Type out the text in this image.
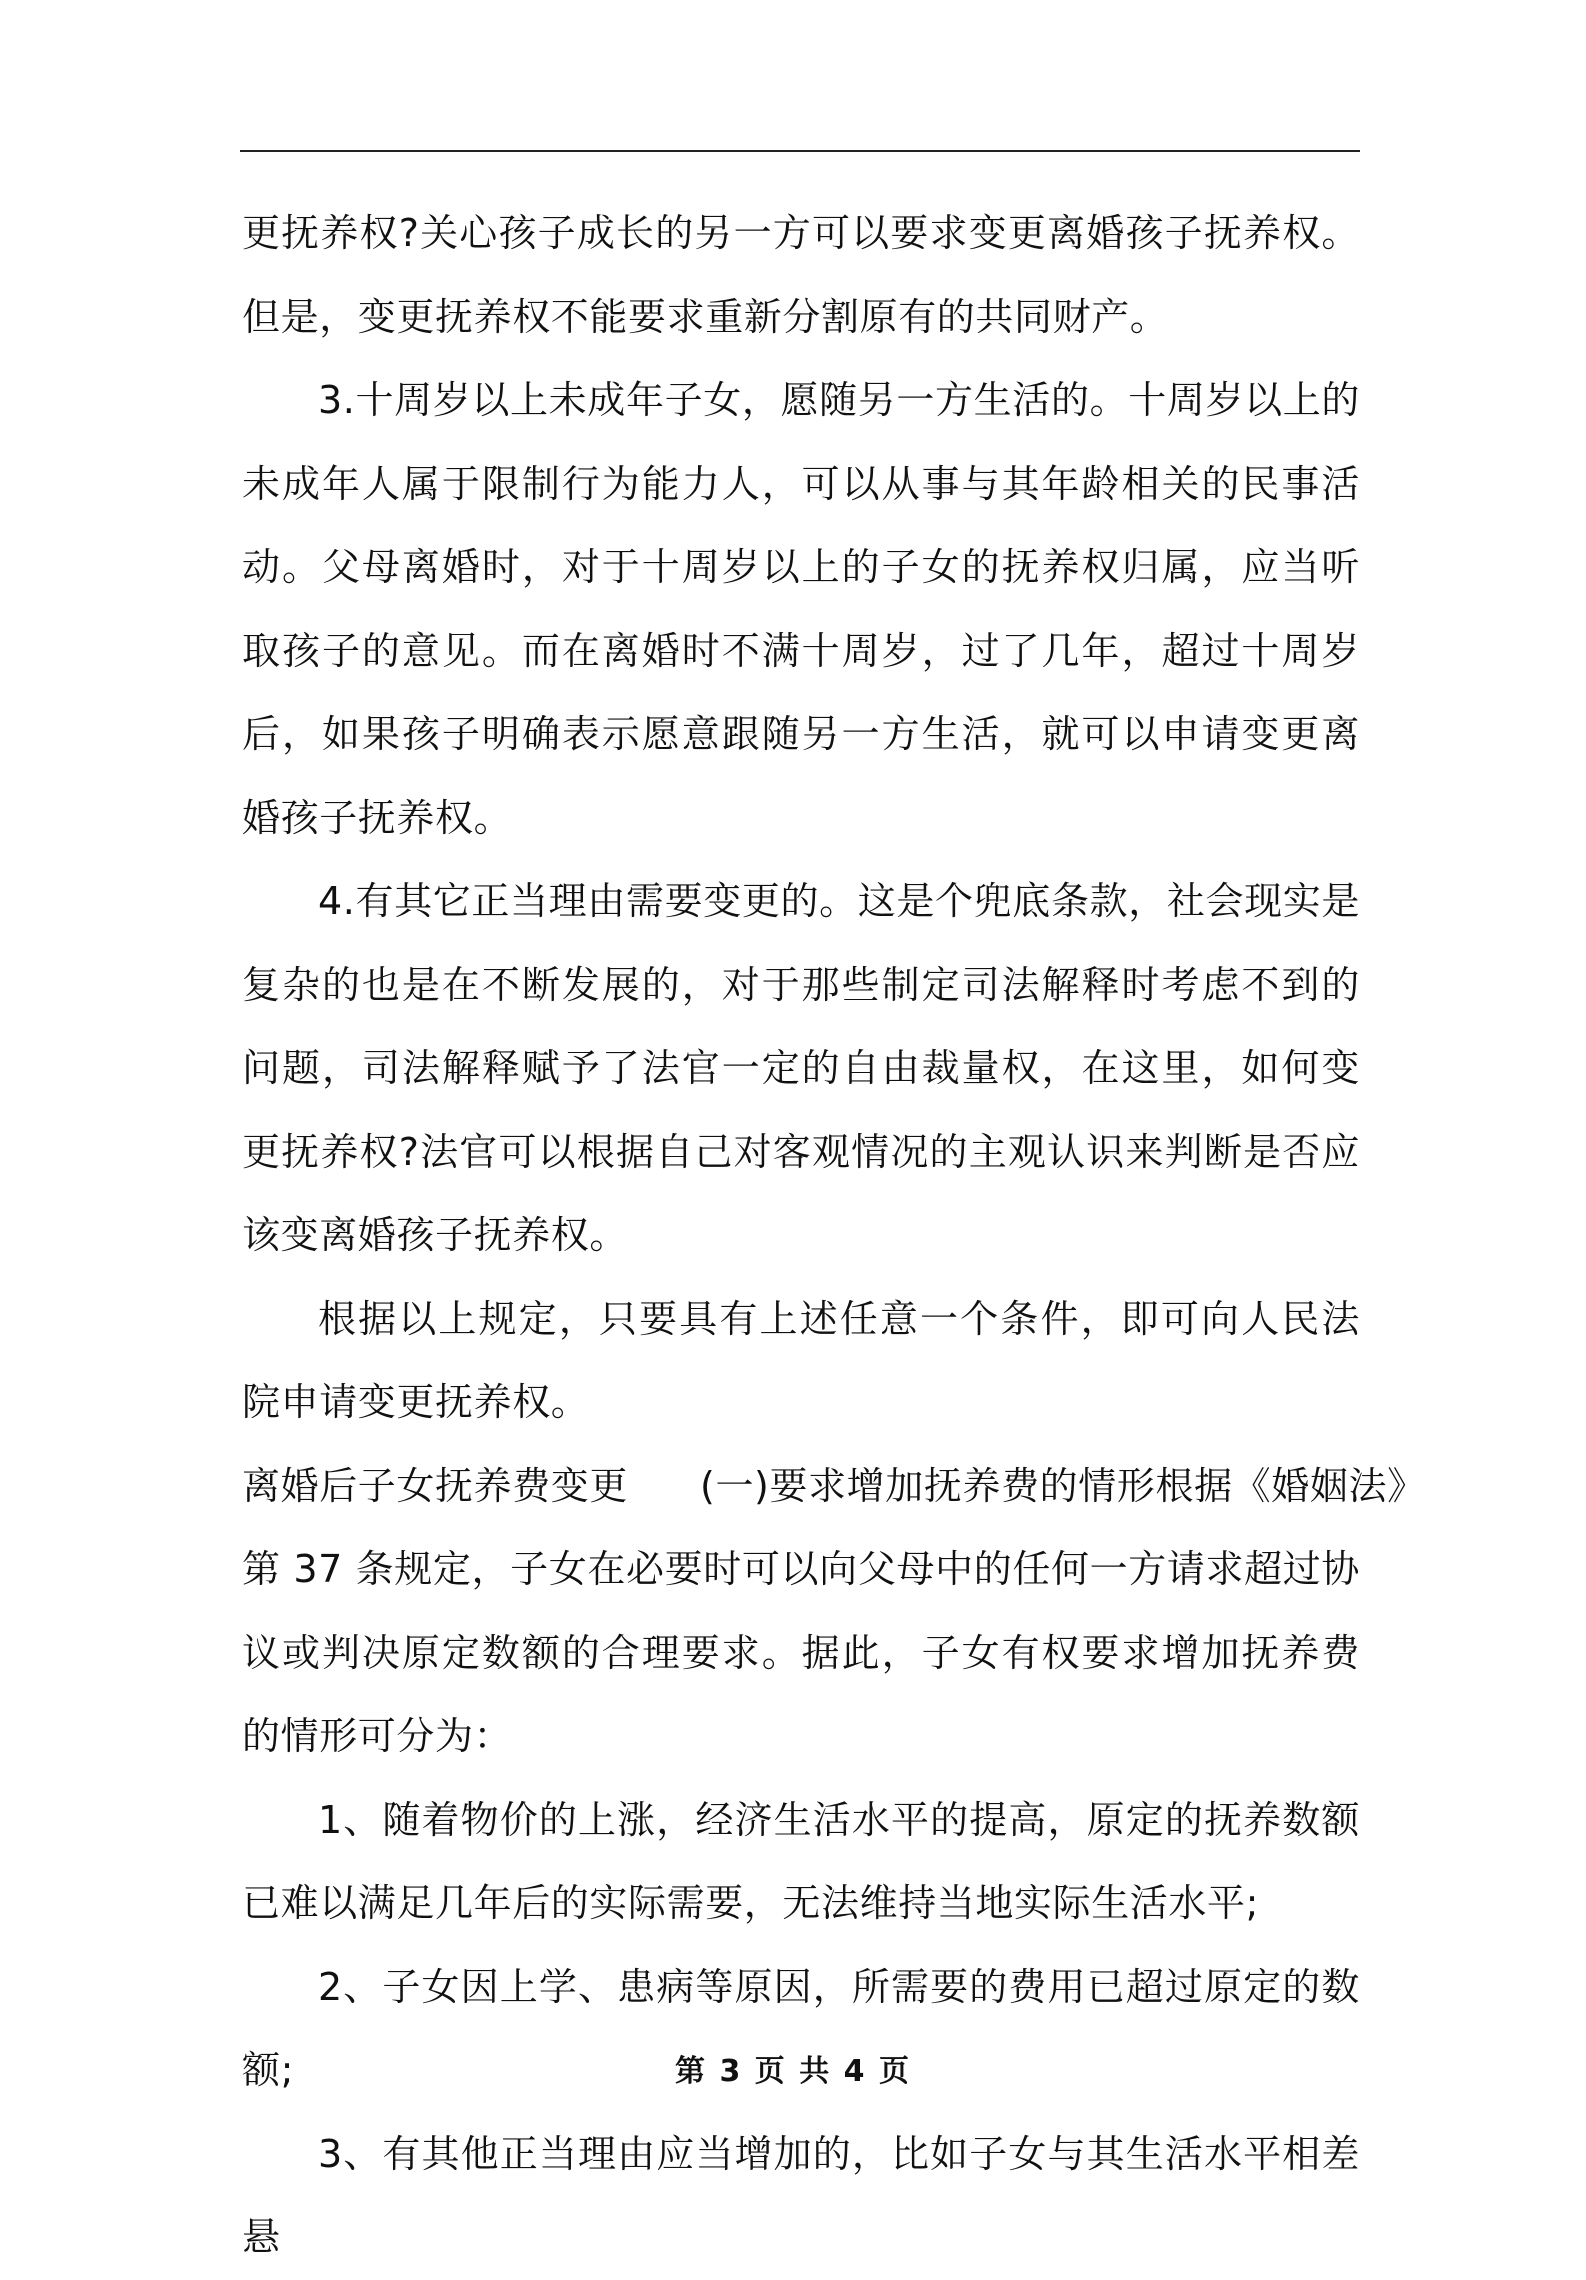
更抚养权?关心孩子成长的另一方可以要求变更离婚孩子抚养权。但是，变更抚养权不能要求重新分割原有的共同财产。

3.十周岁以上未成年子女，愿随另一方生活的。十周岁以上的未成年人属于限制行为能力人，可以从事与其年龄相关的民事活动。父母离婚时，对于十周岁以上的子女的抚养权归属，应当听取孩子的意见。而在离婚时不满十周岁，过了几年，超过十周岁后，如果孩子明确表示愿意跟随另一方生活，就可以申请变更离婚孩子抚养权。

4.有其它正当理由需要变更的。这是个兜底条款，社会现实是复杂的也是在不断发展的，对于那些制定司法解释时考虑不到的问题，司法解释赋予了法官一定的自由裁量权，在这里，如何变更抚养权?法官可以根据自己对客观情况的主观认识来判断是否应该变离婚孩子抚养权。

根据以上规定，只要具有上述任意一个条件，即可向人民法院申请变更抚养权。

离婚后子女抚养费变更 (一)要求增加抚养费的情形根据《婚姻法》

第 37 条规定，子女在必要时可以向父母中的任何一方请求超过协议或判决原定数额的合理要求。据此，子女有权要求增加抚养费的情形可分为：

1、随着物价的上涨，经济生活水平的提高，原定的抚养数额已难以满足几年后的实际需要，无法维持当地实际生活水平;

2、子女因上学、患病等原因，所需要的费用已超过原定的数额;

3、有其他正当理由应当增加的，比如子女与其生活水平相差悬

第 3 页 共 4 页
